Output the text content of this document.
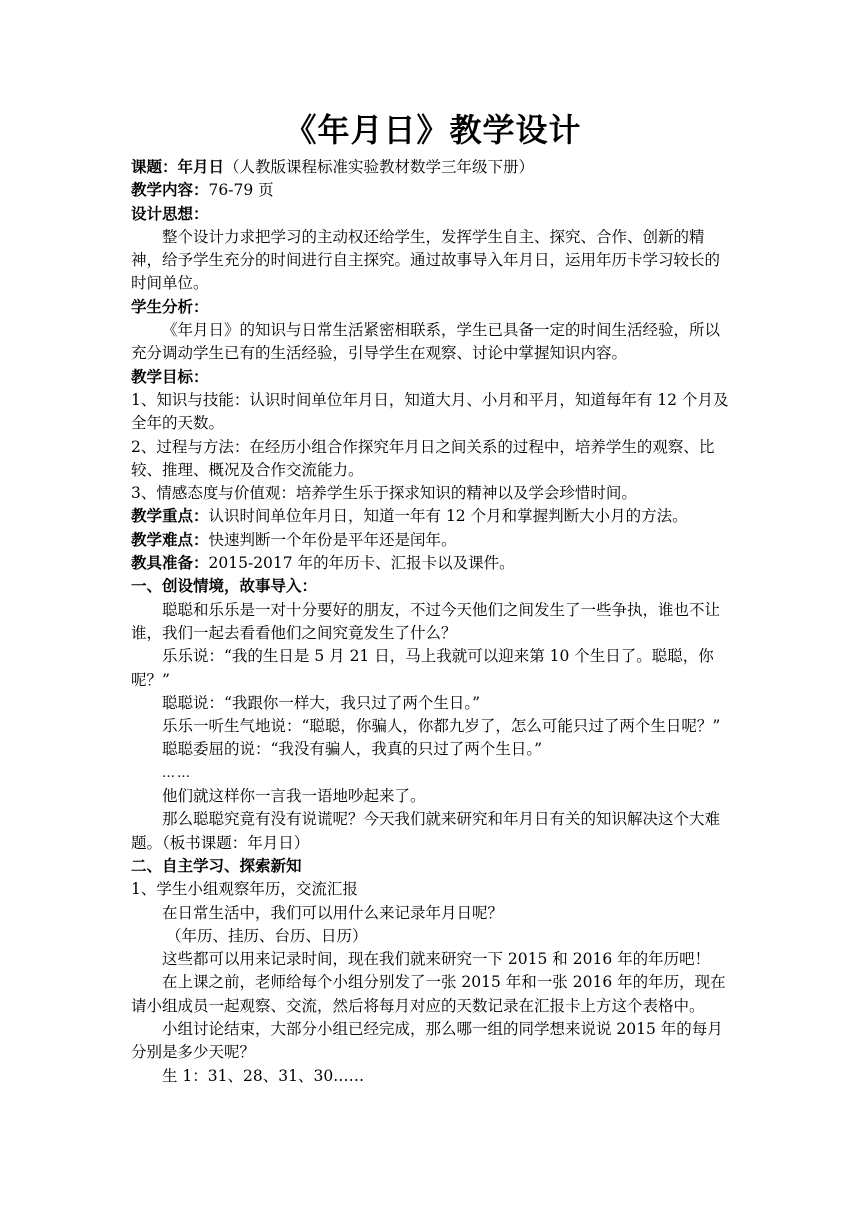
《年月日》教学设计

课题：年月日（人教版课程标准实验教材数学三年级下册）

教学内容：76-79 页

设计思想：

整个设计力求把学习的主动权还给学生，发挥学生自主、探究、合作、创新的精神，给予学生充分的时间进行自主探究。通过故事导入年月日，运用年历卡学习较长的时间单位。

学生分析：

《年月日》的知识与日常生活紧密相联系，学生已具备一定的时间生活经验，所以充分调动学生已有的生活经验，引导学生在观察、讨论中掌握知识内容。

教学目标：

1、知识与技能：认识时间单位年月日，知道大月、小月和平月，知道每年有 12 个月及全年的天数。

2、过程与方法：在经历小组合作探究年月日之间关系的过程中，培养学生的观察、比较、推理、概况及合作交流能力。

3、情感态度与价值观：培养学生乐于探求知识的精神以及学会珍惜时间。

教学重点：认识时间单位年月日，知道一年有 12 个月和掌握判断大小月的方法。

教学难点：快速判断一个年份是平年还是闰年。

教具准备：2015-2017 年的年历卡、汇报卡以及课件。

一、创设情境，故事导入：

聪聪和乐乐是一对十分要好的朋友，不过今天他们之间发生了一些争执，谁也不让谁，我们一起去看看他们之间究竟发生了什么？

乐乐说：“我的生日是 5 月 21 日，马上我就可以迎来第 10 个生日了。聪聪，你呢？”

聪聪说：“我跟你一样大，我只过了两个生日。”

乐乐一听生气地说：“聪聪，你骗人，你都九岁了，怎么可能只过了两个生日呢？”

聪聪委屈的说：“我没有骗人，我真的只过了两个生日。”

……

他们就这样你一言我一语地吵起来了。

那么聪聪究竟有没有说谎呢？今天我们就来研究和年月日有关的知识解决这个大难题。（板书课题：年月日）

二、自主学习、探索新知

1、学生小组观察年历，交流汇报

在日常生活中，我们可以用什么来记录年月日呢？

（年历、挂历、台历、日历）

这些都可以用来记录时间，现在我们就来研究一下 2015 和 2016 年的年历吧！

在上课之前，老师给每个小组分别发了一张 2015 年和一张 2016 年的年历，现在请小组成员一起观察、交流，然后将每月对应的天数记录在汇报卡上方这个表格中。

小组讨论结束，大部分小组已经完成，那么哪一组的同学想来说说 2015 年的每月分别是多少天呢？

生 1：31、28、31、30……
